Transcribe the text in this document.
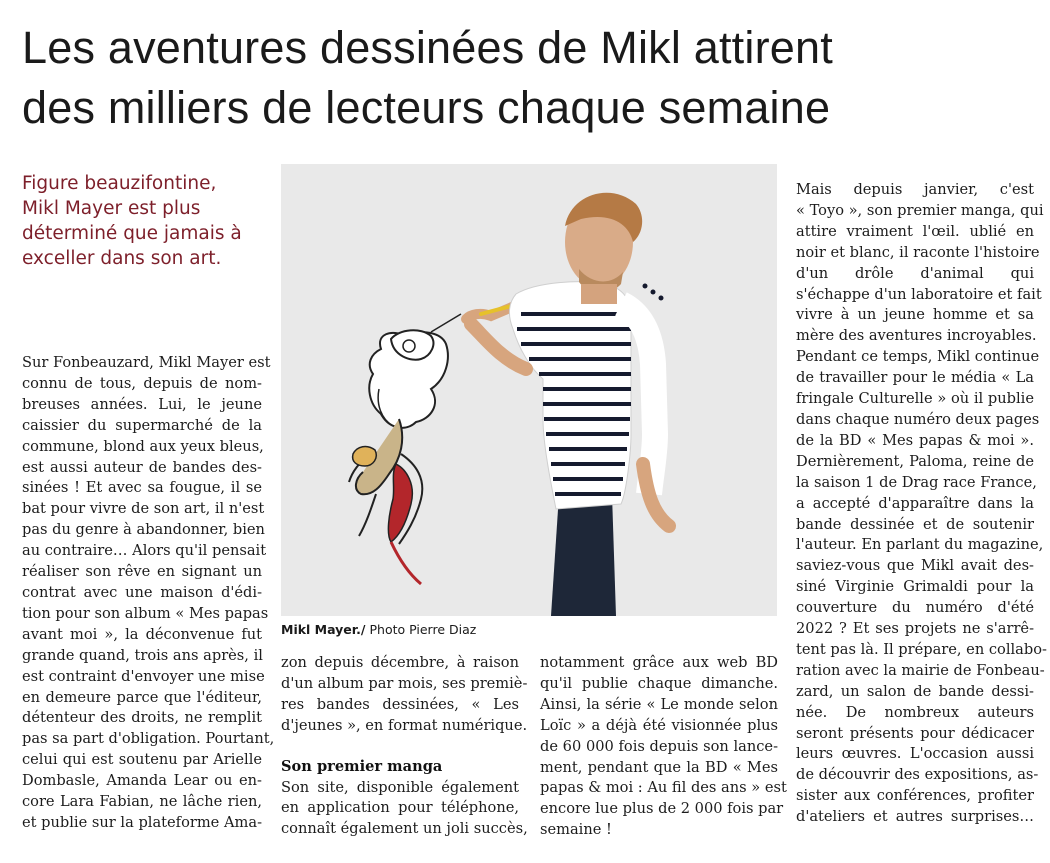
Les aventures dessinées de Mikl attirent
des milliers de lecteurs chaque semaine
Figure beauzifontine,
Mikl Mayer est plus
déterminé que jamais à
exceller dans son art.
Sur Fonbeauzard, Mikl Mayer est
connu de tous, depuis de nom-
breuses années. Lui, le jeune
caissier du supermarché de la
commune, blond aux yeux bleus,
est aussi auteur de bandes des-
sinées ! Et avec sa fougue, il se
bat pour vivre de son art, il n'est
pas du genre à abandonner, bien
au contraire… Alors qu'il pensait
réaliser son rêve en signant un
contrat avec une maison d'édi-
tion pour son album « Mes papas
avant moi », la déconvenue fut
grande quand, trois ans après, il
est contraint d'envoyer une mise
en demeure parce que l'éditeur,
détenteur des droits, ne remplit
pas sa part d'obligation. Pourtant,
celui qui est soutenu par Arielle
Dombasle, Amanda Lear ou en-
core Lara Fabian, ne lâche rien,
et publie sur la plateforme Ama-
Mikl Mayer./ Photo Pierre Diaz
zon depuis décembre, à raison
d'un album par mois, ses premiè-
res bandes dessinées, « Les
d'jeunes », en format numérique.
Son premier manga
Son site, disponible également
en application pour téléphone,
connaît également un joli succès,
notamment grâce aux web BD
qu'il publie chaque dimanche.
Ainsi, la série « Le monde selon
Loïc » a déjà été visionnée plus
de 60 000 fois depuis son lance-
ment, pendant que la BD « Mes
papas & moi : Au fil des ans » est
encore lue plus de 2 000 fois par
semaine !
Mais depuis janvier, c'est
« Toyo », son premier manga, qui
attire vraiment l'œil. ublié en
noir et blanc, il raconte l'histoire
d'un drôle d'animal qui
s'échappe d'un laboratoire et fait
vivre à un jeune homme et sa
mère des aventures incroyables.
Pendant ce temps, Mikl continue
de travailler pour le média « La
fringale Culturelle » où il publie
dans chaque numéro deux pages
de la BD « Mes papas & moi ».
Dernièrement, Paloma, reine de
la saison 1 de Drag race France,
a accepté d'apparaître dans la
bande dessinée et de soutenir
l'auteur. En parlant du magazine,
saviez-vous que Mikl avait des-
siné Virginie Grimaldi pour la
couverture du numéro d'été
2022 ? Et ses projets ne s'arrê-
tent pas là. Il prépare, en collabo-
ration avec la mairie de Fonbeau-
zard, un salon de bande dessi-
née. De nombreux auteurs
seront présents pour dédicacer
leurs œuvres. L'occasion aussi
de découvrir des expositions, as-
sister aux conférences, profiter
d'ateliers et autres surprises…
